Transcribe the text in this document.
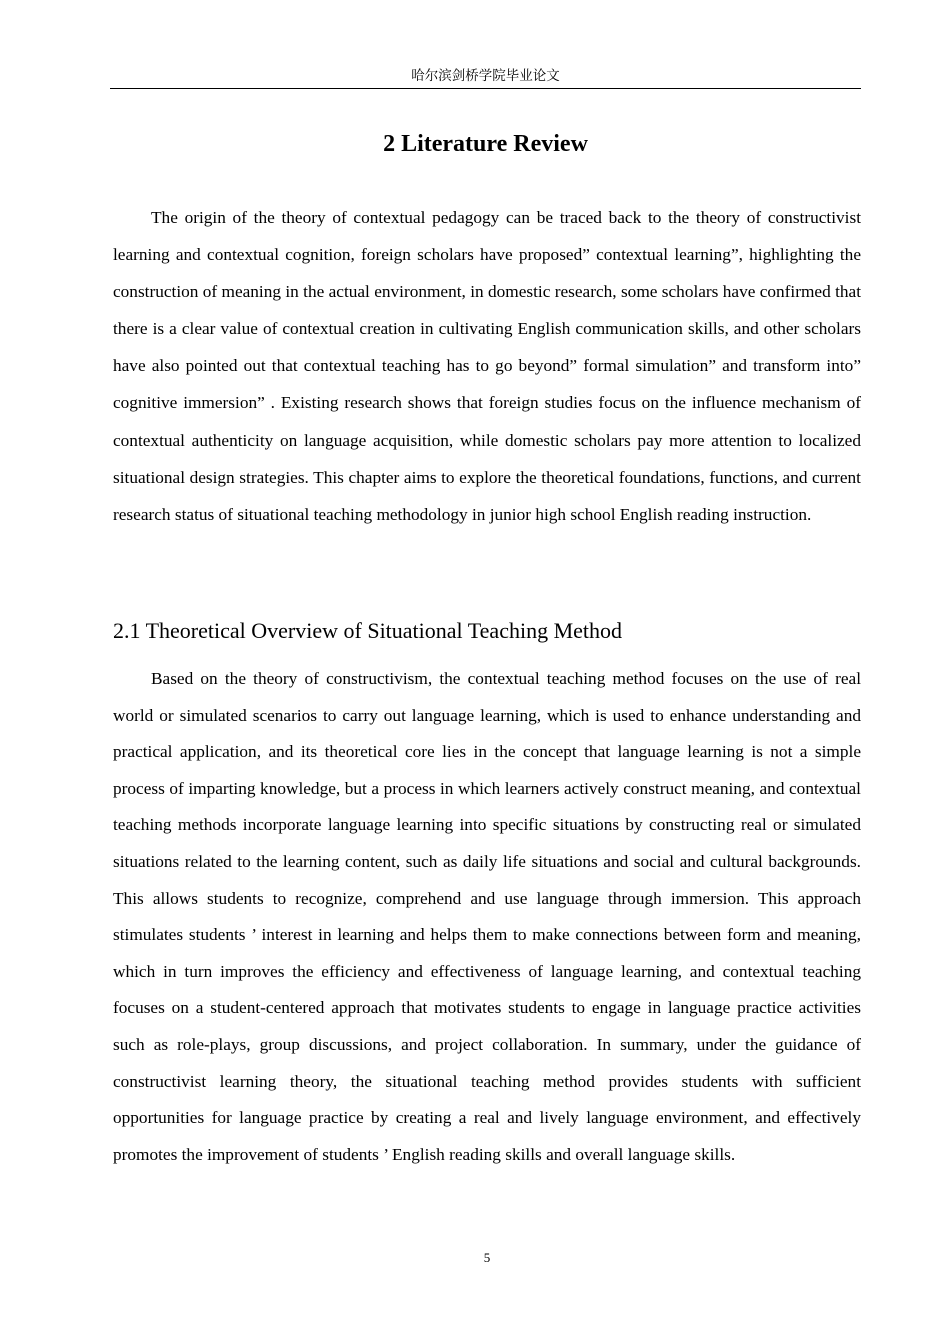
哈尔滨剑桥学院毕业论文
2 Literature Review

The origin of the theory of contextual pedagogy can be traced back to the theory of constructivist learning and contextual cognition, foreign scholars have proposed” contextual learning”, highlighting the construction of meaning in the actual environment, in domestic research, some scholars have confirmed that there is a clear value of contextual creation in cultivating English communication skills, and other scholars have also pointed out that contextual teaching has to go beyond” formal simulation” and transform into” cognitive immersion” . Existing research shows that foreign studies focus on the influence mechanism of contextual authenticity on language acquisition, while domestic scholars pay more attention to localized situational design strategies. This chapter aims to explore the theoretical foundations, functions, and current research status of situational teaching methodology in junior high school English reading instruction.

2.1 Theoretical Overview of Situational Teaching Method

Based on the theory of constructivism, the contextual teaching method focuses on the use of real world or simulated scenarios to carry out language learning, which is used to enhance understanding and practical application, and its theoretical core lies in the concept that language learning is not a simple process of imparting knowledge, but a process in which learners actively construct meaning, and contextual teaching methods incorporate language learning into specific situations by constructing real or simulated situations related to the learning content, such as daily life situations and social and cultural backgrounds. This allows students to recognize, comprehend and use language through immersion. This approach stimulates students ’ interest in learning and helps them to make connections between form and meaning, which in turn improves the efficiency and effectiveness of language learning, and contextual teaching focuses on a student-centered approach that motivates students to engage in language practice activities such as role-plays, group discussions, and project collaboration. In summary, under the guidance of constructivist learning theory, the situational teaching method provides students with sufficient opportunities for language practice by creating a real and lively language environment, and effectively promotes the improvement of students ’ English reading skills and overall language skills.

5
